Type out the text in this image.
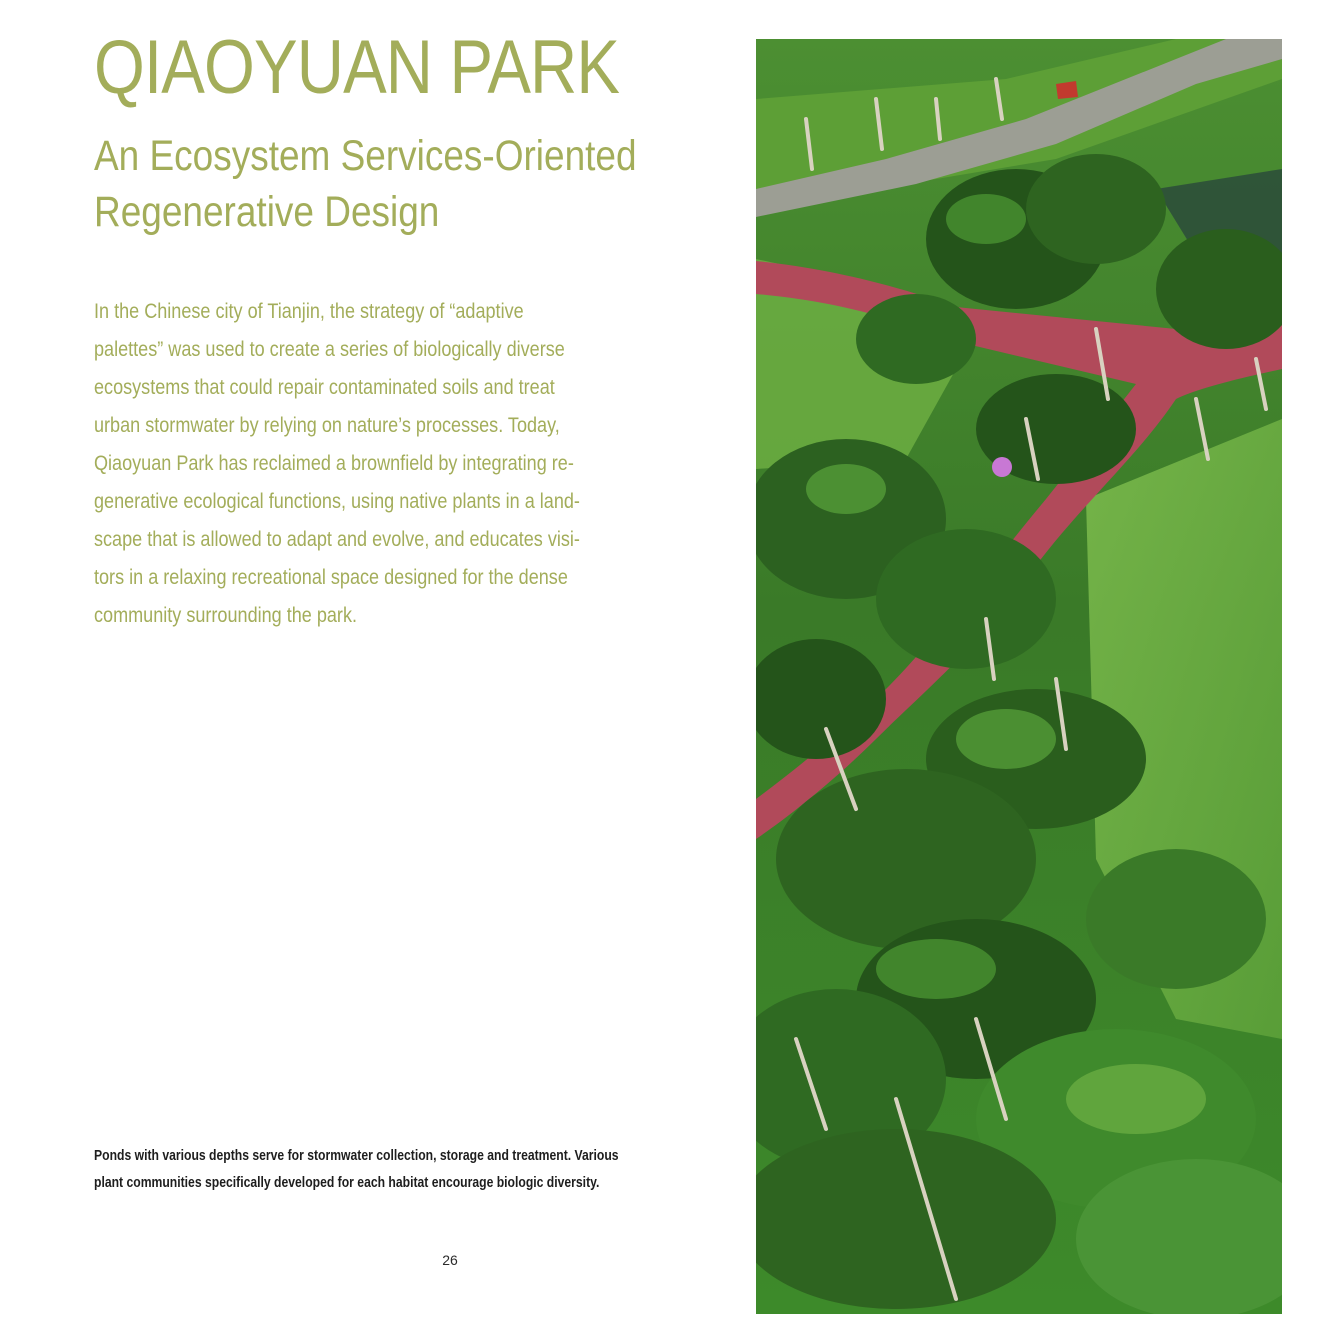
QIAOYUAN PARK
An Ecosystem Services-Oriented
Regenerative Design
In the Chinese city of Tianjin, the strategy of “adaptive
palettes” was used to create a series of biologically diverse
ecosystems that could repair contaminated soils and treat
urban stormwater by relying on nature’s processes. Today,
Qiaoyuan Park has reclaimed a brownfield by integrating re-
generative ecological functions, using native plants in a land-
scape that is allowed to adapt and evolve, and educates visi-
tors in a relaxing recreational space designed for the dense
community surrounding the park.
Ponds with various depths serve for stormwater collection, storage and treatment. Various
plant communities specifically developed for each habitat encourage biologic diversity.
26
